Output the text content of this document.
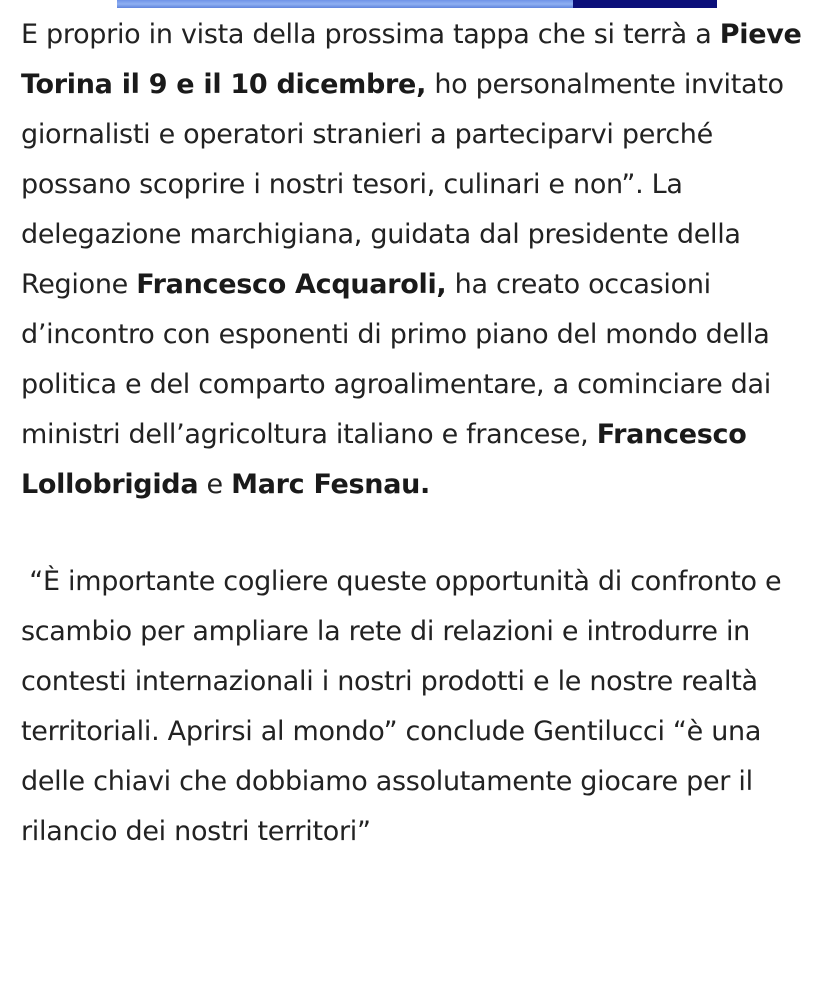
E proprio in vista della prossima tappa che si terrà a Pieve Torina il 9 e il 10 dicembre, ho personalmente invitato giornalisti e operatori stranieri a parteciparvi perché possano scoprire i nostri tesori, culinari e non”. La delegazione marchigiana, guidata dal presidente della Regione Francesco Acquaroli, ha creato occasioni d’incontro con esponenti di primo piano del mondo della politica e del comparto agroalimentare, a cominciare dai ministri dell’agricoltura italiano e francese, Francesco Lollobrigida e Marc Fesnau.

“È importante cogliere queste opportunità di confronto e scambio per ampliare la rete di relazioni e introdurre in contesti internazionali i nostri prodotti e le nostre realtà territoriali. Aprirsi al mondo” conclude Gentilucci “è una delle chiavi che dobbiamo assolutamente giocare per il rilancio dei nostri territori”
